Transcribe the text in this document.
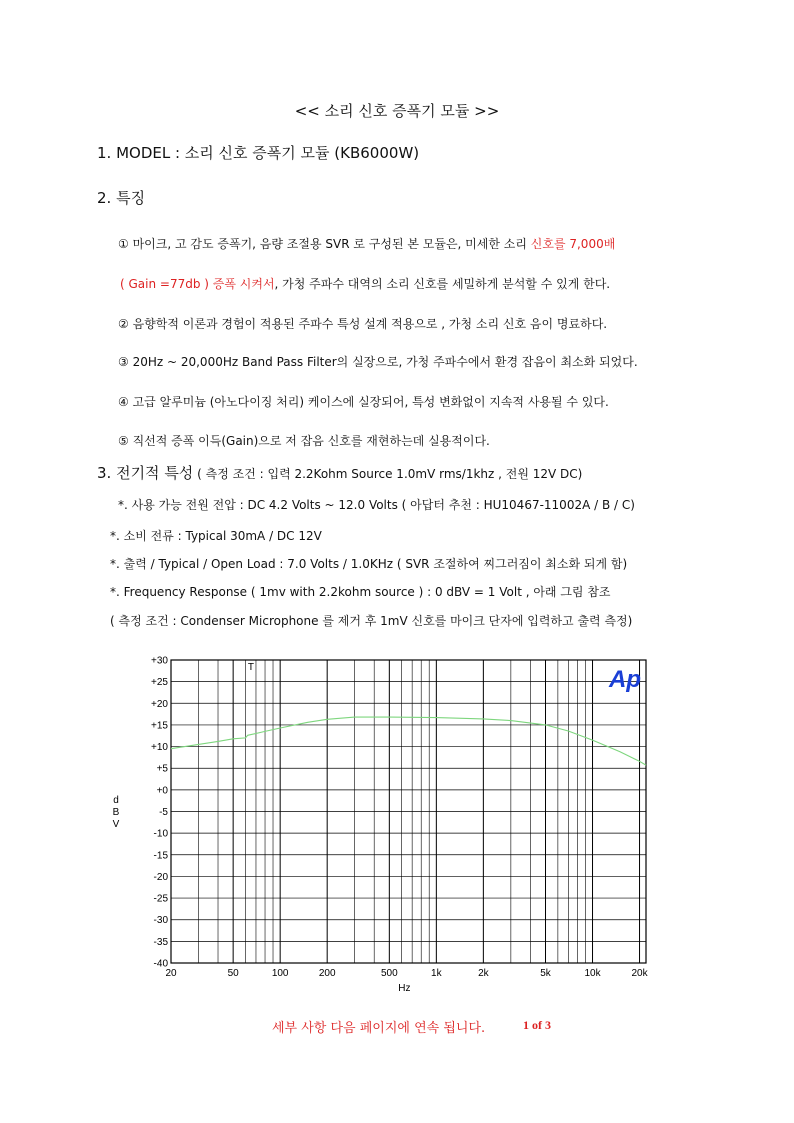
<< 소리 신호 증폭기 모듈 >>
1. MODEL : 소리 신호 증폭기 모듈 (KB6000W)
2. 특징
① 마이크, 고 감도 증폭기, 음량 조절용 SVR 로 구성된 본 모듈은, 미세한 소리 신호를 7,000배
( Gain =77db ) 증폭 시켜서, 가청 주파수 대역의 소리 신호를 세밀하게 분석할 수 있게 한다.
② 음향학적 이론과 경험이 적용된 주파수 특성 설계 적용으로 , 가청 소리 신호 음이 명료하다.
③ 20Hz ~ 20,000Hz Band Pass Filter의 실장으로, 가청 주파수에서 환경 잡음이 최소화 되었다.
④ 고급 알루미늄 (아노다이징 처리) 케이스에 실장되어, 특성 변화없이 지속적 사용될 수 있다.
⑤ 직선적 증폭 이득(Gain)으로 저 잡음 신호를 재현하는데 실용적이다.
3. 전기적 특성 ( 측정 조건 : 입력 2.2Kohm Source 1.0mV rms/1khz , 전원 12V DC)
*. 사용 가능 전원 전압 : DC 4.2 Volts ~ 12.0 Volts ( 아답터 추천 : HU10467-11002A / B / C)
*. 소비 전류 : Typical 30mA / DC 12V
*. 출력 / Typical / Open Load : 7.0 Volts / 1.0KHz ( SVR 조절하여 찌그러짐이 최소화 되게 함)
*. Frequency Response ( 1mv with 2.2kohm source ) : 0 dBV = 1 Volt , 아래 그림 참조
( 측정 조건 : Condenser Microphone 를 제거 후 1mV 신호를 마이크 단자에 입력하고 출력 측정)
+30
+25
+20
+15
+10
+5
+0
-5
-10
-15
-20
-25
-30
-35
-40
20	50	100	200	500	1k	2k	5k	10k	20k
T	Ap
d
B
V
Hz
세부 사항 다음 페이지에 연속 됩니다.	1 of 3
